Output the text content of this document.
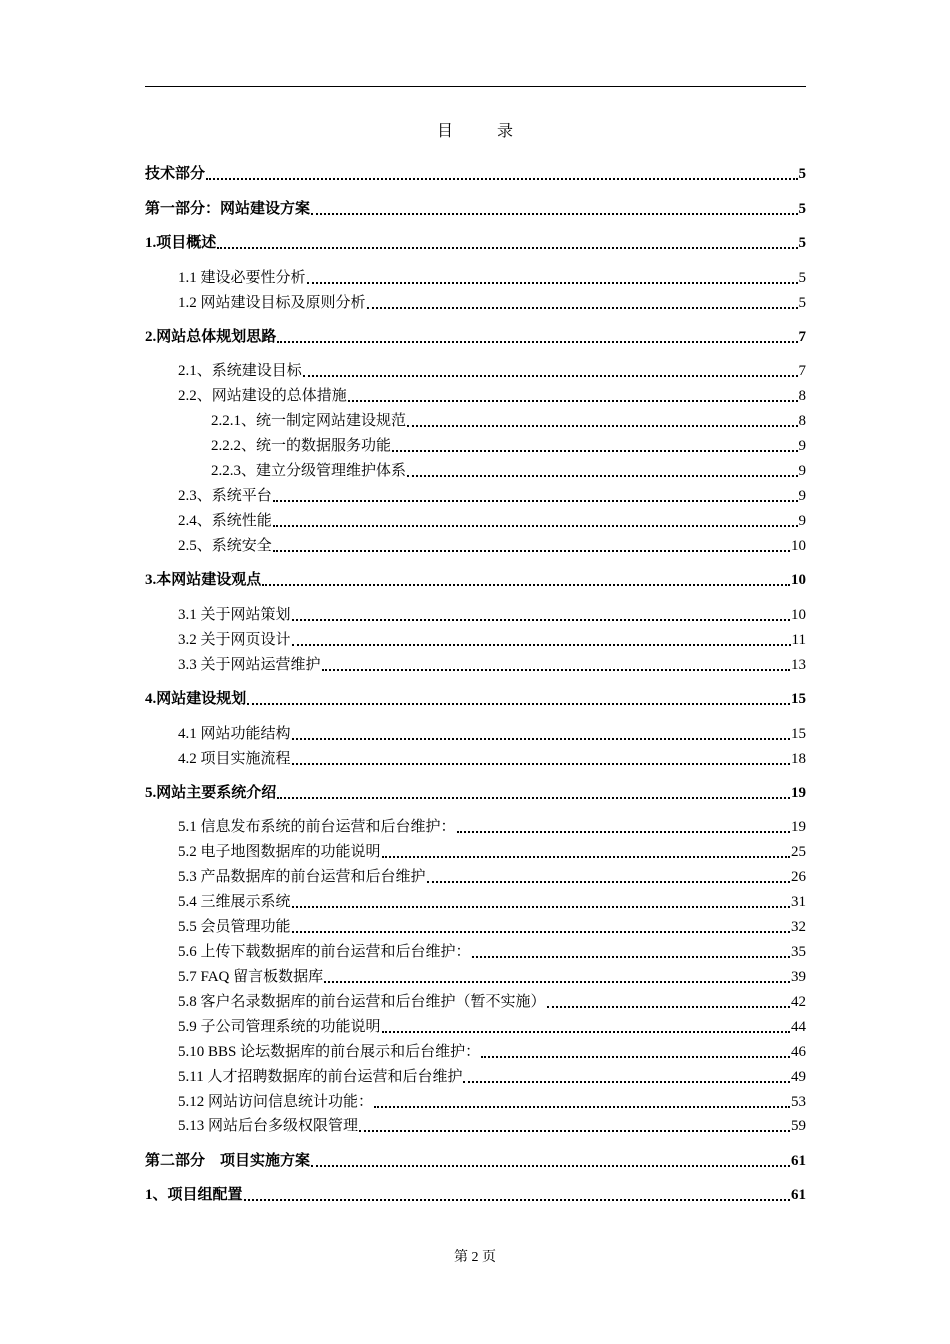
目　录
技术部分	5
第一部分：网站建设方案	5
1.项目概述	5
1.1 建设必要性分析	5
1.2 网站建设目标及原则分析	5
2.网站总体规划思路	7
2.1、系统建设目标	7
2.2、网站建设的总体措施	8
2.2.1、统一制定网站建设规范	8
2.2.2、统一的数据服务功能	9
2.2.3、建立分级管理维护体系	9
2.3、系统平台	9
2.4、系统性能	9
2.5、系统安全	10
3.本网站建设观点	10
3.1 关于网站策划	10
3.2 关于网页设计	11
3.3 关于网站运营维护	13
4.网站建设规划	15
4.1 网站功能结构	15
4.2 项目实施流程	18
5.网站主要系统介绍	19
5.1 信息发布系统的前台运营和后台维护：	19
5.2 电子地图数据库的功能说明	25
5.3 产品数据库的前台运营和后台维护	26
5.4 三维展示系统	31
5.5 会员管理功能	32
5.6 上传下载数据库的前台运营和后台维护：	35
5.7 FAQ 留言板数据库	39
5.8 客户名录数据库的前台运营和后台维护（暂不实施）	42
5.9 子公司管理系统的功能说明	44
5.10 BBS 论坛数据库的前台展示和后台维护：	46
5.11 人才招聘数据库的前台运营和后台维护	49
5.12 网站访问信息统计功能：	53
5.13 网站后台多级权限管理	59
第二部分　项目实施方案	61
1、项目组配置	61
第 2 页
